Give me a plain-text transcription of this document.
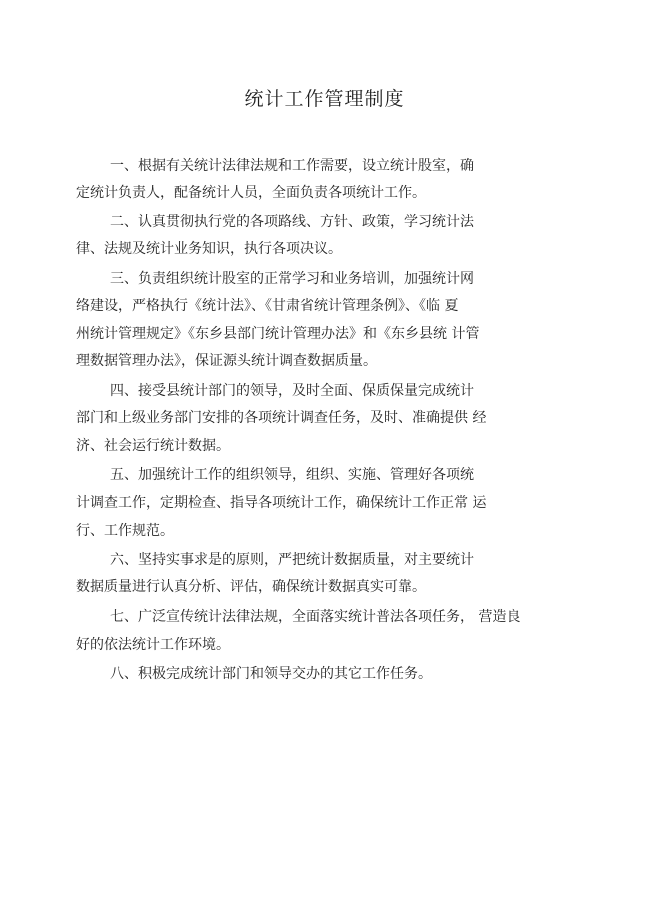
统计工作管理制度
一、根据有关统计法律法规和工作需要，设立统计股室，确
定统计负责人，配备统计人员，全面负责各项统计工作。
二、认真贯彻执行党的各项路线、方针、政策，学习统计法
律、法规及统计业务知识，执行各项决议。
三、负责组织统计股室的正常学习和业务培训，加强统计网
络建设，严格执行《统计法》、《甘肃省统计管理条例》、《临 夏
州统计管理规定》《东乡县部门统计管理办法》和《东乡县统 计管
理数据管理办法》，保证源头统计调查数据质量。
四、接受县统计部门的领导，及时全面、保质保量完成统计
部门和上级业务部门安排的各项统计调查任务，及时、准确提供 经
济、社会运行统计数据。
五、加强统计工作的组织领导，组织、实施、管理好各项统
计调查工作，定期检查、指导各项统计工作，确保统计工作正常 运
行、工作规范。
六、坚持实事求是的原则，严把统计数据质量，对主要统计
数据质量进行认真分析、评估，确保统计数据真实可靠。
七、广泛宣传统计法律法规，全面落实统计普法各项任务， 营造良
好的依法统计工作环境。
八、积极完成统计部门和领导交办的其它工作任务。
